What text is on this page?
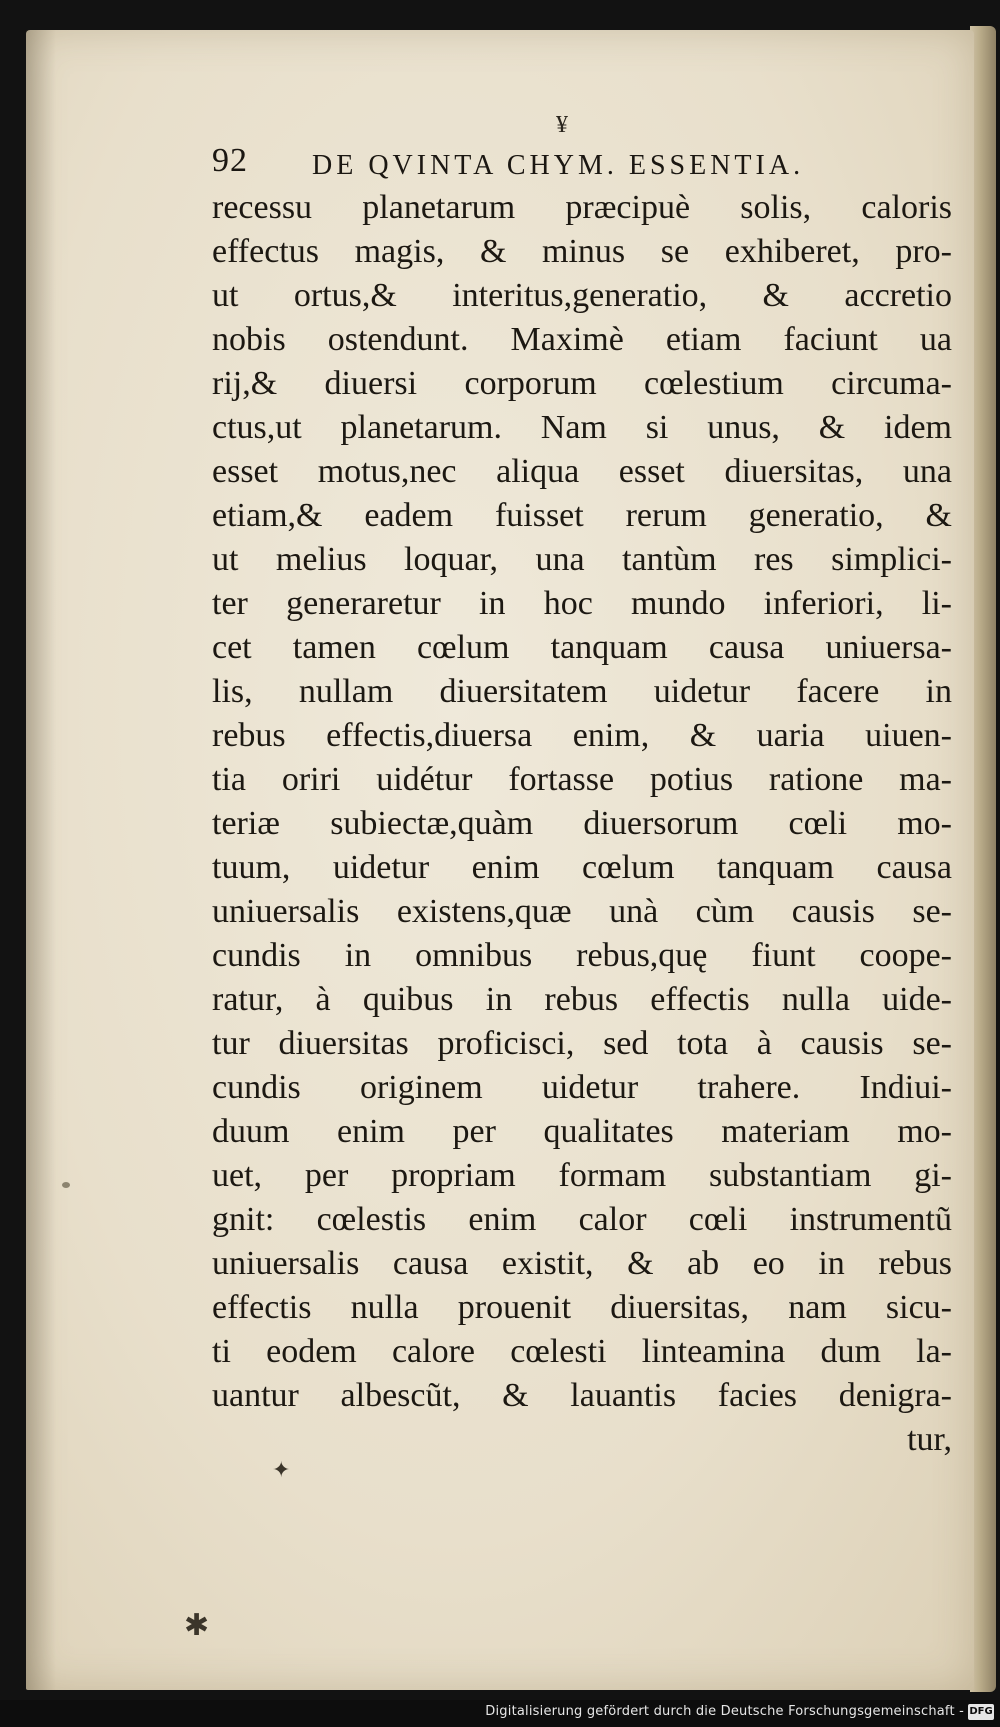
¥
92 DE QVINTA CHYM. ESSENTIA.
recessu planetarum præcipuè solis, caloris
effectus magis, & minus se exhiberet, pro-
ut ortus,& interitus,generatio, & accretio
nobis ostendunt. Maximè etiam faciunt ua
rij,& diuersi corporum cœlestium circuma-
ctus,ut planetarum. Nam si unus, & idem
esset motus,nec aliqua esset diuersitas, una
etiam,& eadem fuisset rerum generatio, &
ut melius loquar, una tantùm res simplici-
ter generaretur in hoc mundo inferiori, li-
cet tamen cœlum tanquam causa uniuersa-
lis, nullam diuersitatem uidetur facere in
rebus effectis,diuersa enim, & uaria uiuen-
tia oriri uidétur fortasse potius ratione ma-
teriæ subiectæ,quàm diuersorum cœli mo-
tuum, uidetur enim cœlum tanquam causa
uniuersalis existens,quæ unà cùm causis se-
cundis in omnibus rebus,quę fiunt coope-
ratur, à quibus in rebus effectis nulla uide-
tur diuersitas proficisci, sed tota à causis se-
cundis originem uidetur trahere. Indiui-
duum enim per qualitates materiam mo-
uet, per propriam formam substantiam gi-
gnit: cœlestis enim calor cœli instrumentũ
uniuersalis causa existit, & ab eo in rebus
effectis nulla prouenit diuersitas, nam sicu-
ti eodem calore cœlesti linteamina dum la-
uantur albescũt, & lauantis facies denigra-
tur,
✦
✱
Digitalisierung gefördert durch die Deutsche Forschungsgemeinschaft - DFG
